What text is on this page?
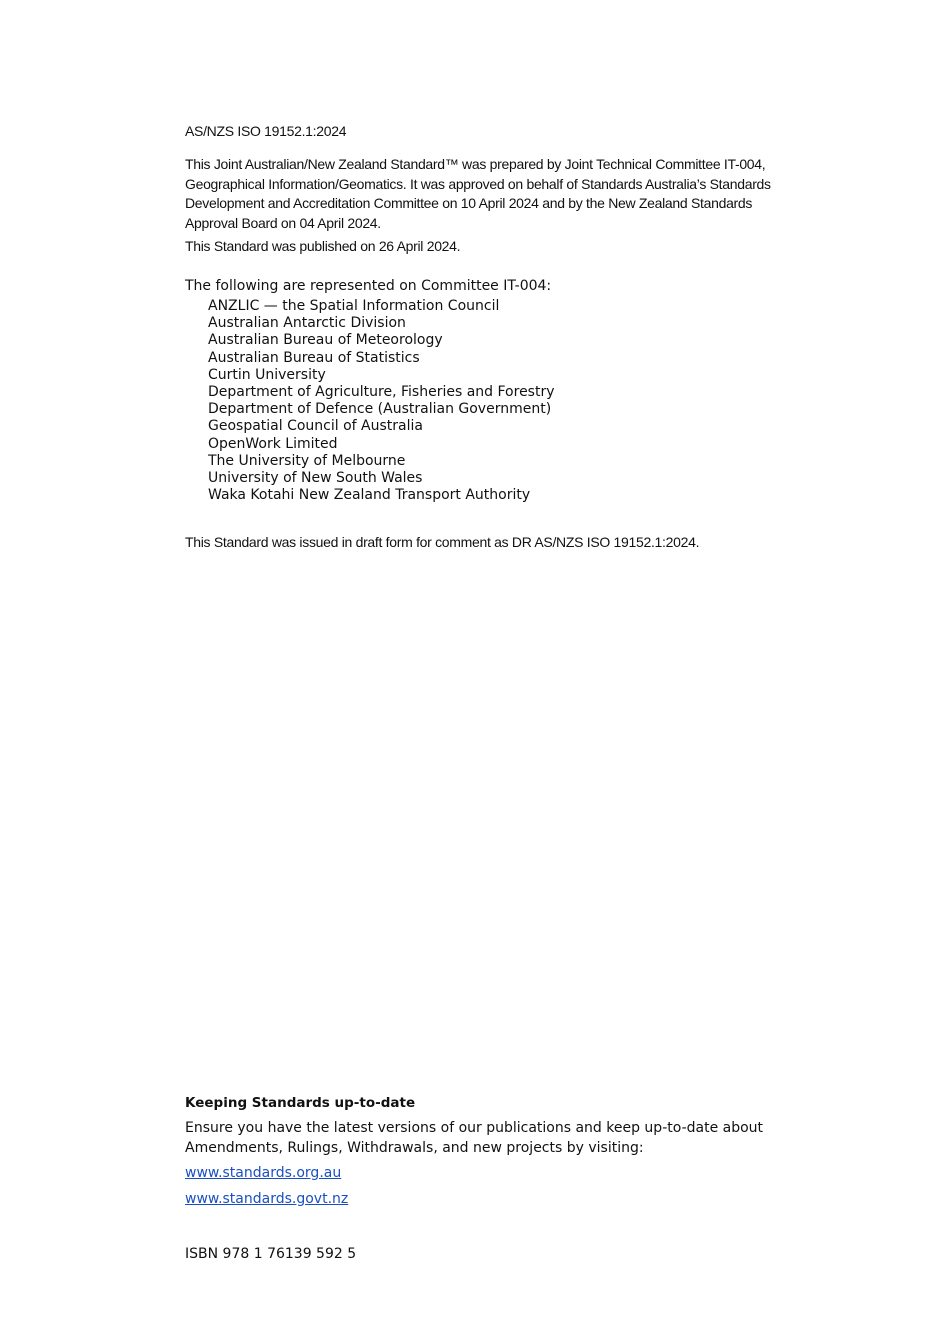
AS/NZS ISO 19152.1:2024

This Joint Australian/New Zealand Standard™ was prepared by Joint Technical Committee IT-004, Geographical Information/Geomatics. It was approved on behalf of Standards Australia’s Standards Development and Accreditation Committee on 10 April 2024 and by the New Zealand Standards Approval Board on 04 April 2024.

This Standard was published on 26 April 2024.

The following are represented on Committee IT-004:

ANZLIC — the Spatial Information Council
Australian Antarctic Division
Australian Bureau of Meteorology
Australian Bureau of Statistics
Curtin University
Department of Agriculture, Fisheries and Forestry
Department of Defence (Australian Government)
Geospatial Council of Australia
OpenWork Limited
The University of Melbourne
University of New South Wales
Waka Kotahi New Zealand Transport Authority

This Standard was issued in draft form for comment as DR AS/NZS ISO 19152.1:2024.

Keeping Standards up-to-date

Ensure you have the latest versions of our publications and keep up-to-date about Amendments, Rulings, Withdrawals, and new projects by visiting:

www.standards.org.au
www.standards.govt.nz

ISBN 978 1 76139 592 5
